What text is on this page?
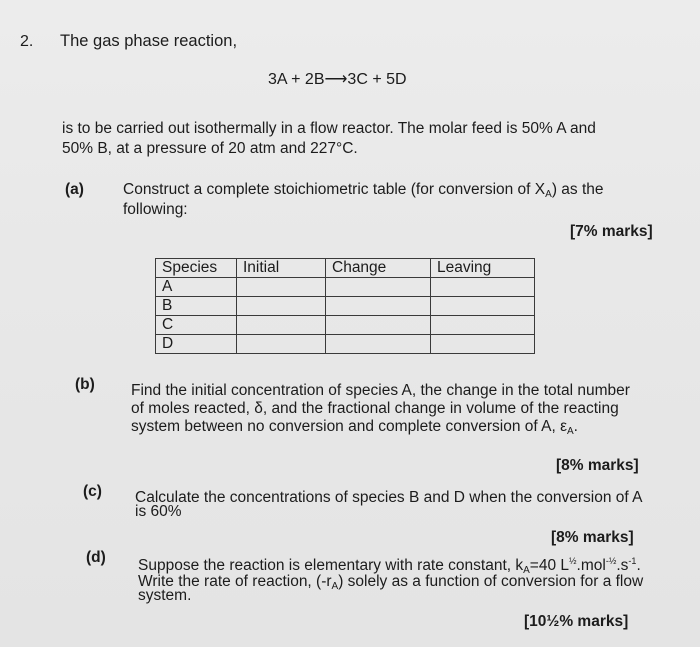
2. The gas phase reaction,
3A + 2B⟶3C + 5D
is to be carried out isothermally in a flow reactor. The molar feed is 50% A and
50% B, at a pressure of 20 atm and 227°C.
(a)	Construct a complete stoichiometric table (for conversion of XA) as the
following:
[7% marks]
Species	Initial	Change	Leaving
A			
B			
C			
D			
(b) Find the initial concentration of species A, the change in the total number
of moles reacted, δ, and the fractional change in volume of the reacting
system between no conversion and complete conversion of A, εA.
[8% marks]
(c) Calculate the concentrations of species B and D when the conversion of A
is 60%
[8% marks]
(d) Suppose the reaction is elementary with rate constant, kA=40 $L^{\frac{1}{2}}.mol^{-\frac{1}{2}}.s^{-1}$.
Write the rate of reaction, (-rA) solely as a function of conversion for a flow
system.
[10½% marks]
